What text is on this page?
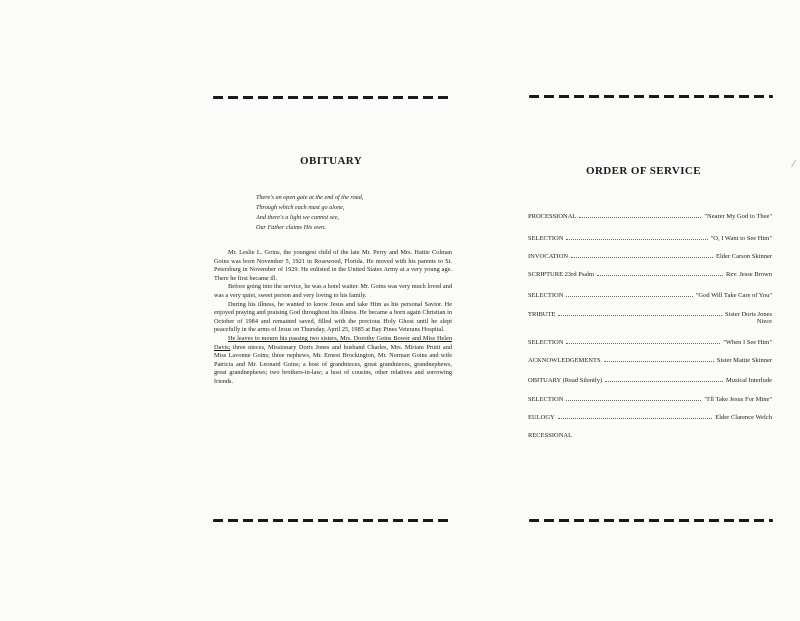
OBITUARY
There's an open gate at the end of the road,
Through which each must go alone,
And there's a light we cannot see,
Our Father claims His own.

Mr. Leslie L. Goins, the youngest child of the late Mr. Perry and Mrs. Hattie Colman Goins was born November 5, 1921 in Rosewood, Florida. He moved with his parents to St. Petersburg in November of 1929. He enlisted in the United States Army at a very young age. There he first became ill.

Before going into the service, he was a hotel waiter. Mr. Goins was very much loved and was a very quiet, sweet person and very loving to his family.

During his illness, he wanted to know Jesus and take Him as his personal Savior. He enjoyed praying and praising God throughout his illness. He became a born again Christian in October of 1984 and remained saved, filled with the precious Holy Ghost until he slept peacefully in the arms of Jesus on Thursday, April 25, 1985 at Bay Pines Veterans Hospital.

He leaves to mourn his passing two sisters, Mrs. Dorothy Goins Bower and Miss Helen Davis; three nieces, Missionary Doris Jones and husband Charles, Mrs. Miriam Pruitt and Miss Lavonne Goins; three nephews, Mr. Ernest Brockington, Mr. Norman Goins and wife Patricia and Mr. Leonard Goins; a host of grandnieces, great grandnieces, grandnephews, great grandnephews; two brothers-in-law; a host of cousins, other relatives and sorrowing friends.

ORDER OF SERVICE
PROCESSIONAL	"Nearer My God to Thee"
SELECTION	"O, I Want to See Him"
INVOCATION	Elder Carson Skinner
SCRIPTURE 23rd Psalm	Rev. Jesse Brown
SELECTION	"God Will Take Care of You"
TRIBUTE	Sister Doris Jones
Niece
SELECTION	"When I See Him"
ACKNOWLEDGEMENTS	Sister Mattie Skinner
OBITUARY (Read Silently)	Musical Interlude
SELECTION	"I'll Take Jesus For Mine"
EULOGY	Elder Clarence Welch
RECESSIONAL
